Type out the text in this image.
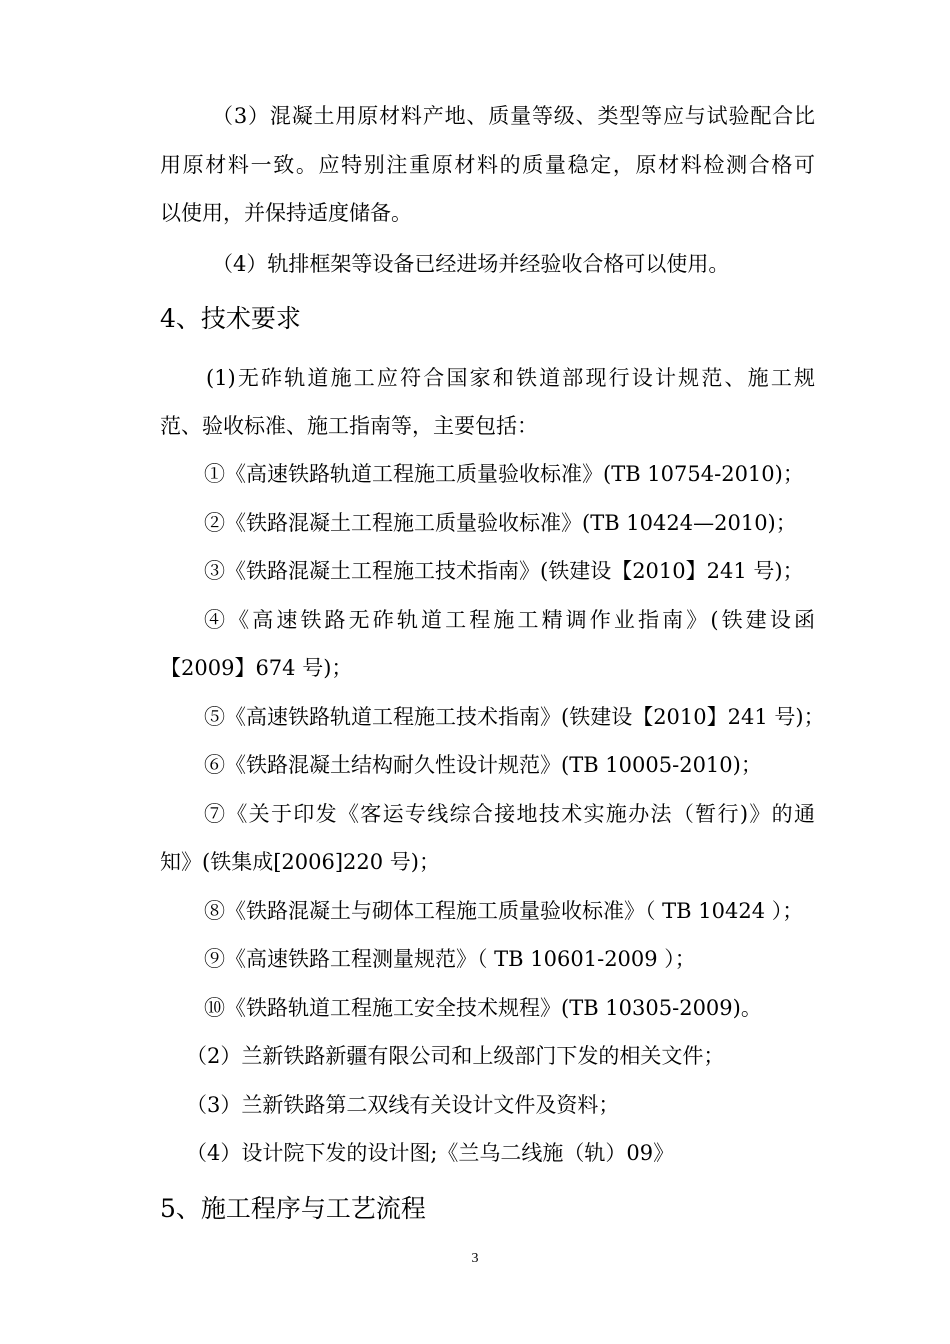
（3）混凝土用原材料产地、质量等级、类型等应与试验配合比

用原材料一致。应特别注重原材料的质量稳定，原材料检测合格可

以使用，并保持适度储备。

（4）轨排框架等设备已经进场并经验收合格可以使用。

4、技术要求

(1)无砟轨道施工应符合国家和铁道部现行设计规范、施工规

范、验收标准、施工指南等，主要包括：

①《高速铁路轨道工程施工质量验收标准》(TB 10754-2010)；

②《铁路混凝土工程施工质量验收标准》(TB 10424—2010)；

③《铁路混凝土工程施工技术指南》(铁建设【2010】241 号)；

④《高速铁路无砟轨道工程施工精调作业指南》(铁建设函

【2009】674 号)；

⑤《高速铁路轨道工程施工技术指南》(铁建设【2010】241 号)；

⑥《铁路混凝土结构耐久性设计规范》(TB 10005-2010)；

⑦《关于印发《客运专线综合接地技术实施办法（暂行)》的通

知》(铁集成[2006]220 号)；

⑧《铁路混凝土与砌体工程施工质量验收标准》（ TB 10424 ）；

⑨《高速铁路工程测量规范》（ TB 10601-2009 ）；

⑩《铁路轨道工程施工安全技术规程》(TB 10305-2009)。

（2）兰新铁路新疆有限公司和上级部门下发的相关文件；

（3）兰新铁路第二双线有关设计文件及资料；

（4）设计院下发的设计图;《兰乌二线施（轨）09》

5、施工程序与工艺流程
3
